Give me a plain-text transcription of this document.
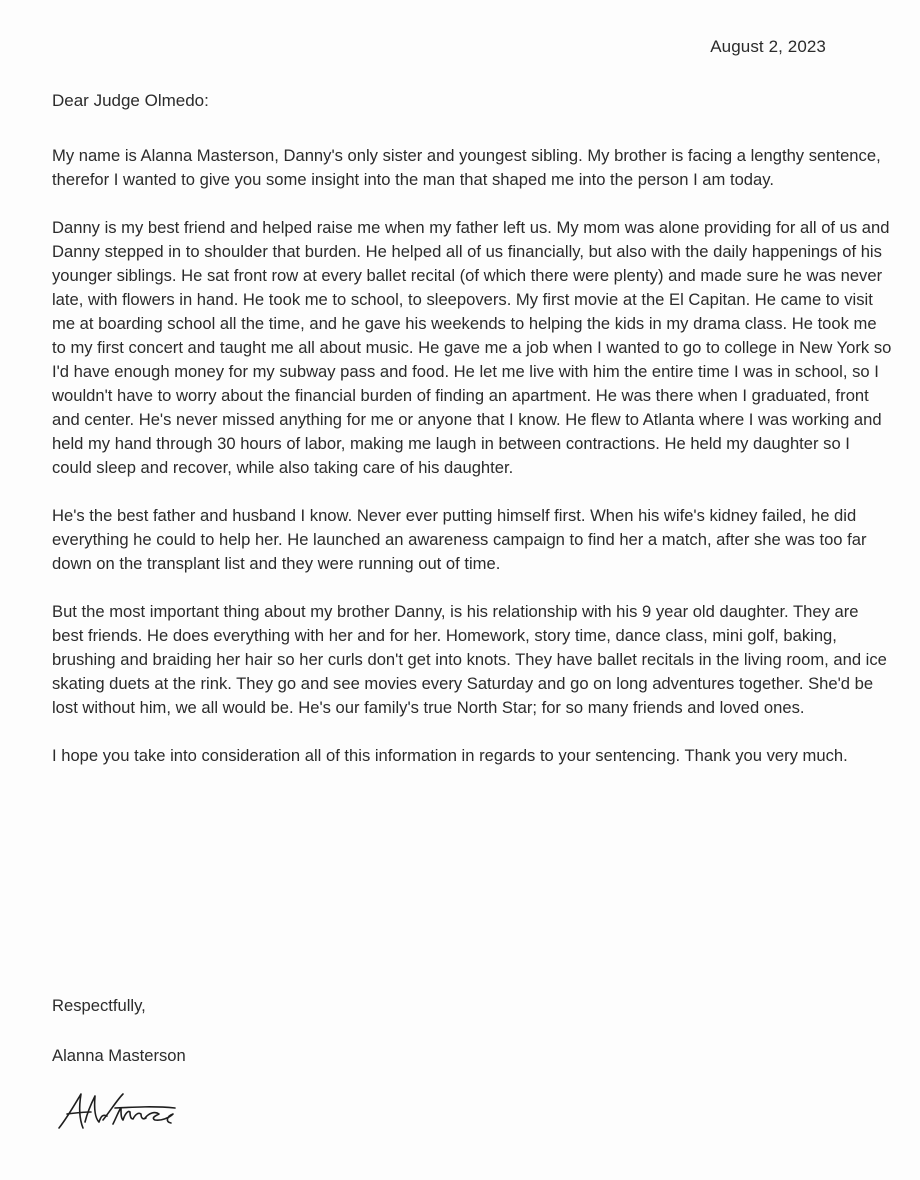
August 2, 2023
Dear Judge Olmedo:

My name is Alanna Masterson, Danny's only sister and youngest sibling. My brother is facing a lengthy sentence, therefor I wanted to give you some insight into the man that shaped me into the person I am today.

Danny is my best friend and helped raise me when my father left us. My mom was alone providing for all of us and Danny stepped in to shoulder that burden. He helped all of us financially, but also with the daily happenings of his younger siblings. He sat front row at every ballet recital (of which there were plenty) and made sure he was never late, with flowers in hand. He took me to school, to sleepovers. My first movie at the El Capitan. He came to visit me at boarding school all the time, and he gave his weekends to helping the kids in my drama class. He took me to my first concert and taught me all about music. He gave me a job when I wanted to go to college in New York so I'd have enough money for my subway pass and food. He let me live with him the entire time I was in school, so I wouldn't have to worry about the financial burden of finding an apartment. He was there when I graduated, front and center. He's never missed anything for me or anyone that I know. He flew to Atlanta where I was working and held my hand through 30 hours of labor, making me laugh in between contractions. He held my daughter so I could sleep and recover, while also taking care of his daughter.

He's the best father and husband I know. Never ever putting himself first. When his wife's kidney failed, he did everything he could to help her. He launched an awareness campaign to find her a match, after she was too far down on the transplant list and they were running out of time.

But the most important thing about my brother Danny, is his relationship with his 9 year old daughter. They are best friends. He does everything with her and for her. Homework, story time, dance class, mini golf, baking, brushing and braiding her hair so her curls don't get into knots. They have ballet recitals in the living room, and ice skating duets at the rink. They go and see movies every Saturday and go on long adventures together. She'd be lost without him, we all would be. He's our family's true North Star; for so many friends and loved ones.

I hope you take into consideration all of this information in regards to your sentencing. Thank you very much.

Respectfully,
Alanna Masterson
